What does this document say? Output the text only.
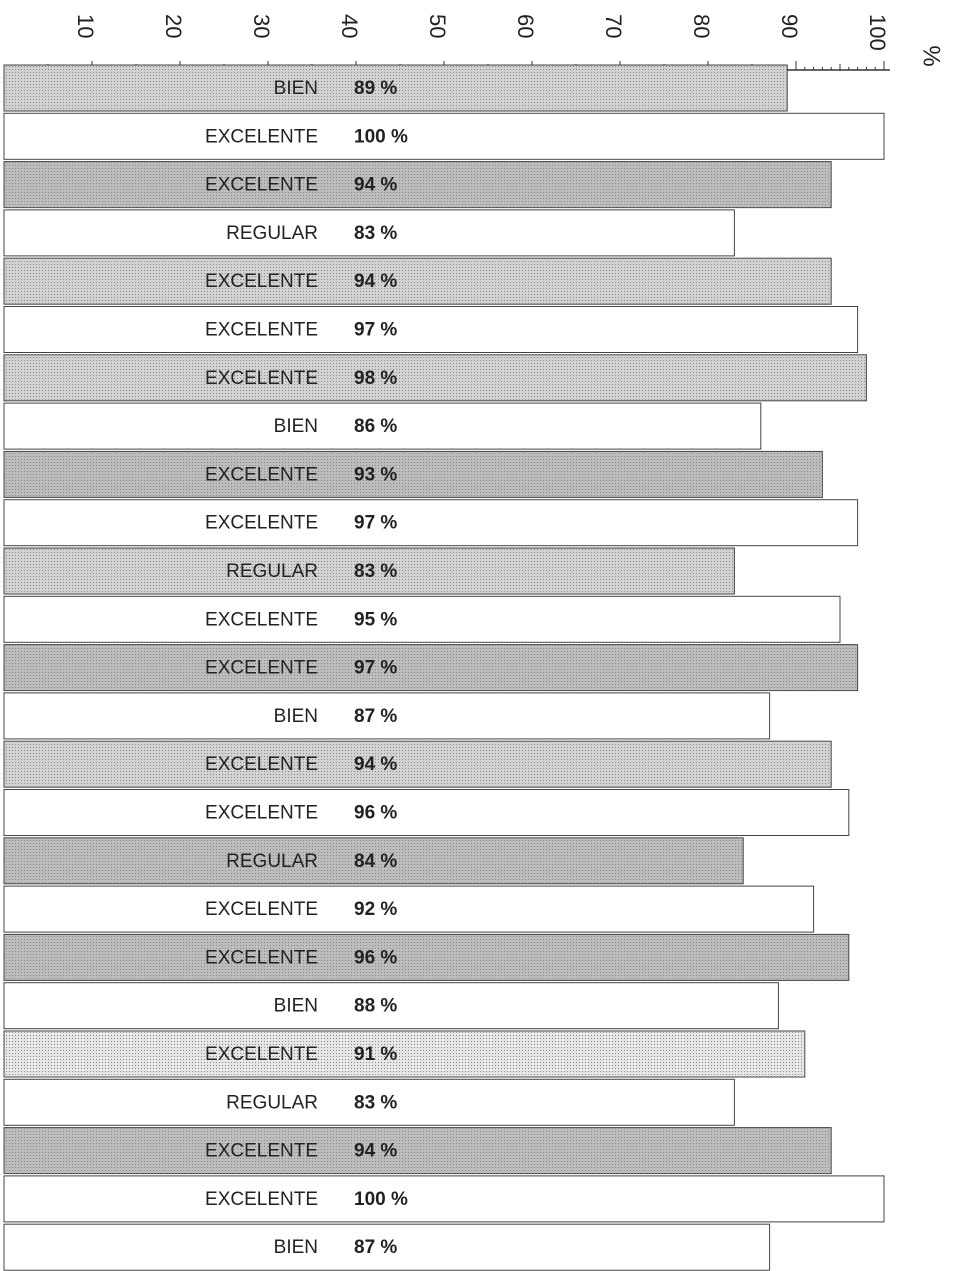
10	20	30	40	50	60	70	80	90	100
BIEN 89 %
EXCELENTE 100 %
EXCELENTE 94 %
REGULAR 83 %
EXCELENTE 94 %
EXCELENTE 97 %
EXCELENTE 98 %
BIEN 86 %
EXCELENTE 93 %
EXCELENTE 97 %
REGULAR 83 %
EXCELENTE 95 %
EXCELENTE 97 %
BIEN 87 %
EXCELENTE 94 %
EXCELENTE 96 %
REGULAR 84 %
EXCELENTE 92 %
EXCELENTE 96 %
BIEN 88 %
EXCELENTE 91 %
REGULAR 83 %
EXCELENTE 94 %
EXCELENTE 100 %
BIEN 87 %
%
